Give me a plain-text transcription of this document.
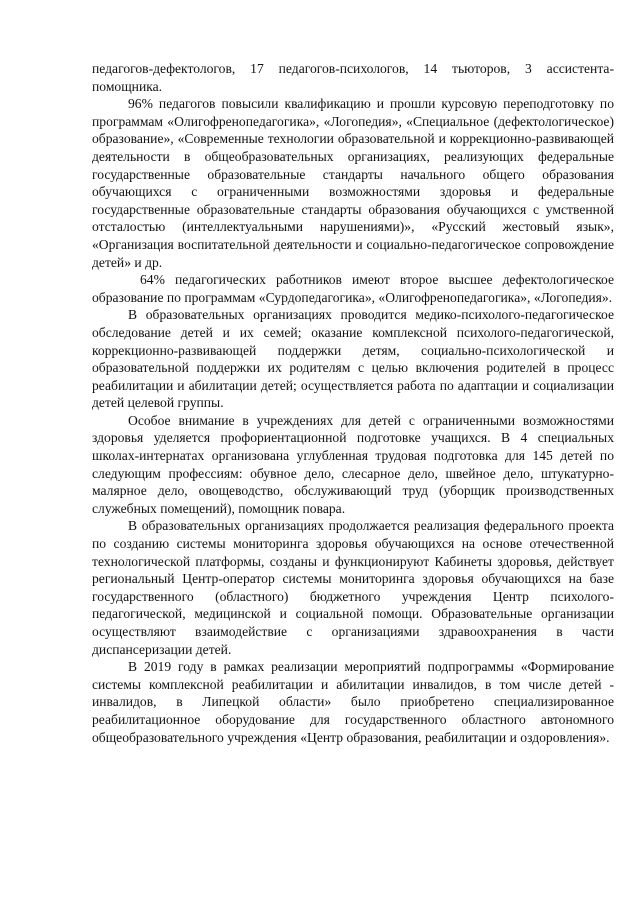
педагогов-дефектологов, 17 педагогов-психологов, 14 тьюторов, 3 ассистента-помощника.

96% педагогов повысили квалификацию и прошли курсовую переподготовку по программам «Олигофренопедагогика», «Логопедия», «Специальное (дефектологическое) образование», «Современные технологии образовательной и коррекционно-развивающей деятельности в общеобразовательных организациях, реализующих федеральные государственные образовательные стандарты начального общего образования обучающихся с ограниченными возможностями здоровья и федеральные государственные образовательные стандарты образования обучающихся с умственной отсталостью (интеллектуальными нарушениями)», «Русский жестовый язык», «Организация воспитательной деятельности и социально-педагогическое сопровождение детей» и др.

64% педагогических работников имеют второе высшее дефектологическое образование по программам «Сурдопедагогика», «Олигофренопедагогика», «Логопедия».

В образовательных организациях проводится медико-психолого-педагогическое обследование детей и их семей; оказание комплексной психолого-педагогической, коррекционно-развивающей поддержки детям, социально-психологической и образовательной поддержки их родителям с целью включения родителей в процесс реабилитации и абилитации детей; осуществляется работа по адаптации и социализации детей целевой группы.

Особое внимание в учреждениях для детей с ограниченными возможностями здоровья уделяется профориентационной подготовке учащихся. В 4 специальных школах-интернатах организована углубленная трудовая подготовка для 145 детей по следующим профессиям: обувное дело, слесарное дело, швейное дело, штукатурно-малярное дело, овощеводство, обслуживающий труд (уборщик производственных служебных помещений), помощник повара.

В образовательных организациях продолжается реализация федерального проекта по созданию системы мониторинга здоровья обучающихся на основе отечественной технологической платформы, созданы и функционируют Кабинеты здоровья, действует региональный Центр-оператор системы мониторинга здоровья обучающихся на базе государственного (областного) бюджетного учреждения Центр психолого-педагогической, медицинской и социальной помощи. Образовательные организации осуществляют взаимодействие с организациями здравоохранения в части диспансеризации детей.

В 2019 году в рамках реализации мероприятий подпрограммы «Формирование системы комплексной реабилитации и абилитации инвалидов, в том числе детей - инвалидов, в Липецкой области» было приобретено специализированное реабилитационное оборудование для государственного областного автономного общеобразовательного учреждения «Центр образования, реабилитации и оздоровления».
